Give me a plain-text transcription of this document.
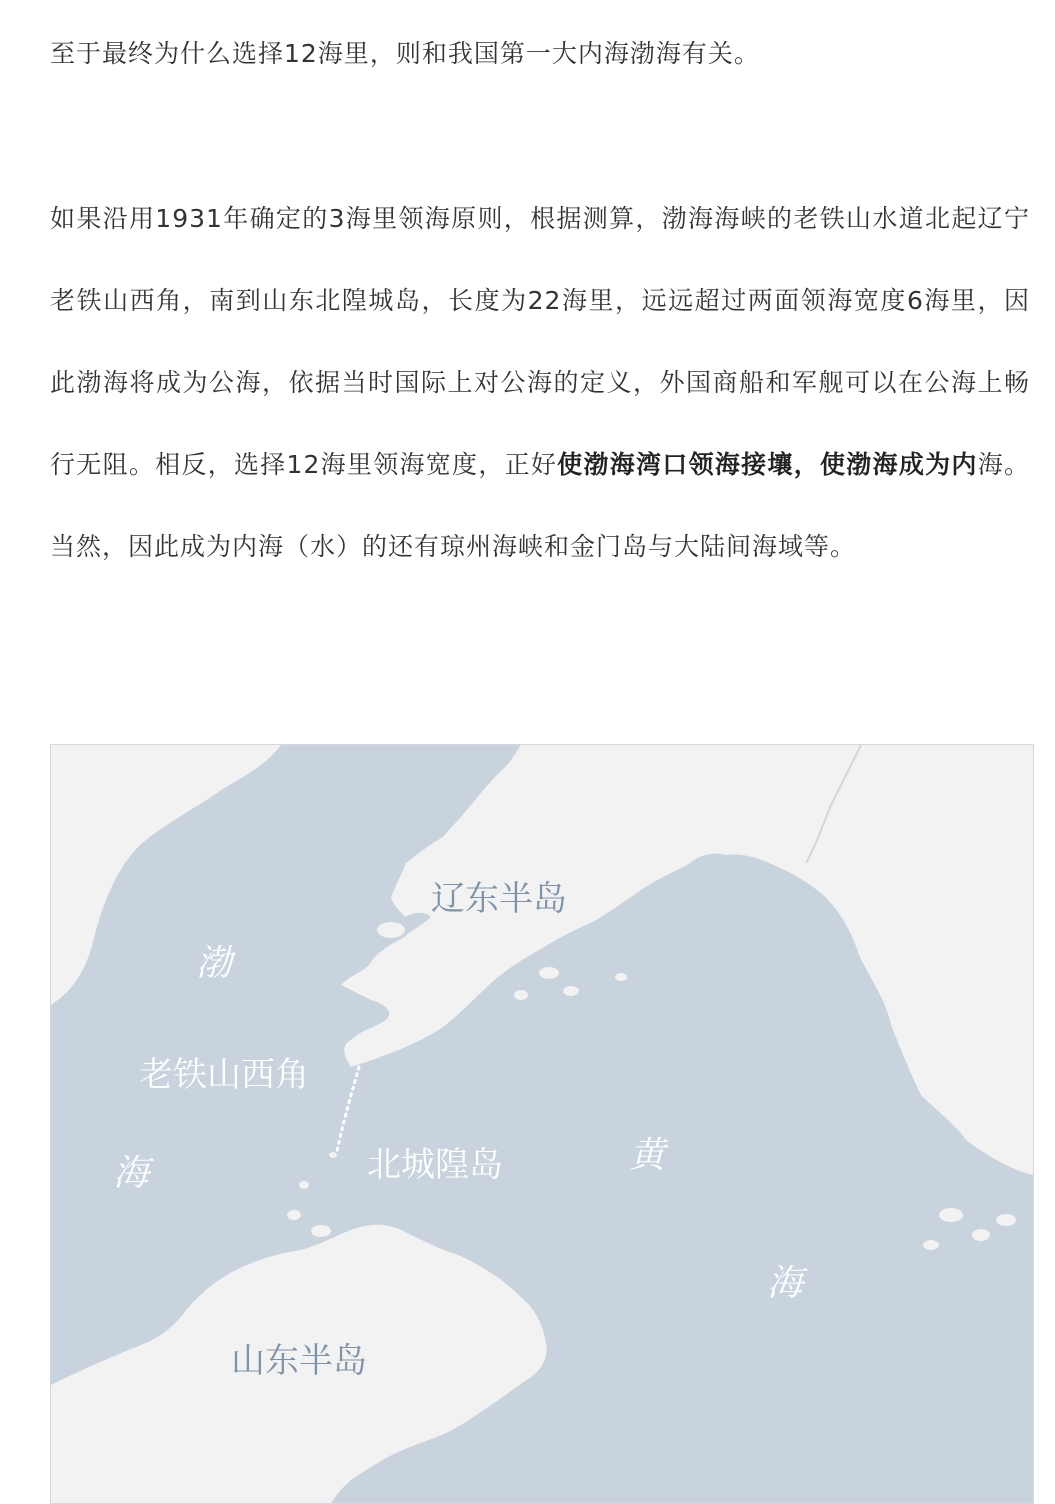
至于最终为什么选择12海里，则和我国第一大内海渤海有关。

如果沿用1931年确定的3海里领海原则，根据测算，渤海海峡的老铁山水道北起辽宁老铁山西角，南到山东北隍城岛，长度为22海里，远远超过两面领海宽度6海里，因此渤海将成为公海，依据当时国际上对公海的定义，外国商船和军舰可以在公海上畅行无阻。相反，选择12海里领海宽度，正好使渤海湾口领海接壤，使渤海成为内海。当然，因此成为内海（水）的还有琼州海峡和金门岛与大陆间海域等。

辽东半岛
山东半岛
老铁山西角
北城隍岛
渤
海	黄
海
